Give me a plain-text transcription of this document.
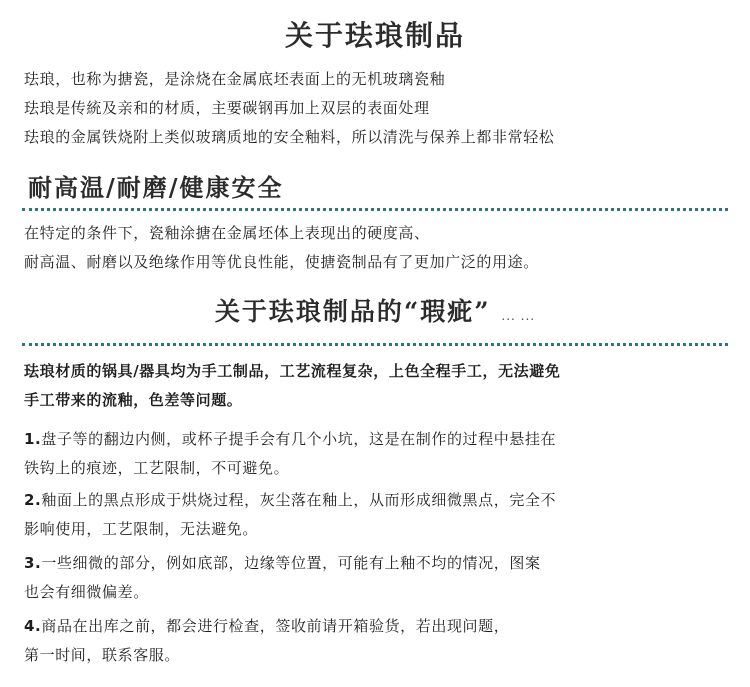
关于珐琅制品
珐琅，也称为搪瓷，是涂烧在金属底坯表面上的无机玻璃瓷釉
珐琅是传統及亲和的材质，主要碳钢再加上双层的表面处理
珐琅的金属铁烧附上类似玻璃质地的安全釉料，所以清洗与保养上都非常轻松
耐高温/耐磨/健康安全
在特定的条件下，瓷釉涂搪在金属坯体上表现出的硬度高、
耐高温、耐磨以及绝缘作用等优良性能，使搪瓷制品有了更加广泛的用途。
关于珐琅制品的“瑕疵” ... ...
珐琅材质的锅具/器具均为手工制品，工艺流程复杂，上色全程手工，无法避免
手工带来的流釉，色差等问题。
1.盘子等的翻边内侧，或杯子提手会有几个小坑，这是在制作的过程中悬挂在
铁钩上的痕迹，工艺限制，不可避免。
2.釉面上的黑点形成于烘烧过程，灰尘落在釉上，从而形成细微黑点，完全不
影响使用，工艺限制，无法避免。
3.一些细微的部分，例如底部，边缘等位置，可能有上釉不均的情况，图案
也会有细微偏差。
4.商品在出库之前，都会进行检查，签收前请开箱验货，若出现问题，
第一时间，联系客服。
